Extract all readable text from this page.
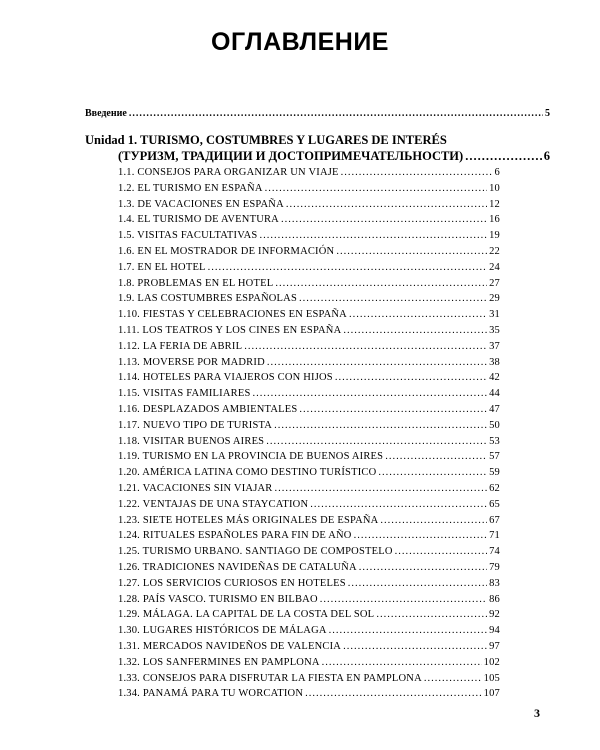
ОГЛАВЛЕНИЕ
Введение .....	5
Unidad 1. TURISMO, COSTUMBRES Y LUGARES DE INTERÉS
(ТУРИЗМ, ТРАДИЦИИ И ДОСТОПРИМЕЧАТЕЛЬНОСТИ) .....	6
1.1. CONSEJOS PARA ORGANIZAR UN VIAJE .....	6
1.2. EL TURISMO EN ESPAÑA .....	10
1.3. DE VACACIONES EN ESPAÑA .....	12
1.4. EL TURISMO DE AVENTURA .....	16
1.5. VISITAS FACULTATIVAS .....	19
1.6. EN EL MOSTRADOR DE INFORMACIÓN .....	22
1.7. EN EL HOTEL .....	24
1.8. PROBLEMAS EN EL HOTEL .....	27
1.9. LAS COSTUMBRES ESPAÑOLAS .....	29
1.10. FIESTAS Y CELEBRACIONES EN ESPAÑA .....	31
1.11. LOS TEATROS Y LOS CINES EN ESPAÑA .....	35
1.12. LA FERIA DE ABRIL .....	37
1.13. MOVERSE POR MADRID .....	38
1.14. HOTELES PARA VIAJEROS CON HIJOS .....	42
1.15. VISITAS FAMILIARES .....	44
1.16. DESPLAZADOS AMBIENTALES .....	47
1.17. NUEVO TIPO DE TURISTA .....	50
1.18. VISITAR BUENOS AIRES .....	53
1.19. TURISMO EN LA PROVINCIA DE BUENOS AIRES .....	57
1.20. AMÉRICA LATINA COMO DESTINO TURÍSTICO .....	59
1.21. VACACIONES SIN VIAJAR .....	62
1.22. VENTAJAS DE UNA STAYCATION .....	65
1.23. SIETE HOTELES MÁS ORIGINALES DE ESPAÑA .....	67
1.24. RITUALES ESPAÑOLES PARA FIN DE AÑO .....	71
1.25. TURISMO URBANO. SANTIAGO DE COMPOSTELO .....	74
1.26. TRADICIONES NAVIDEÑAS DE CATALUÑA .....	79
1.27. LOS SERVICIOS CURIOSOS EN HOTELES .....	83
1.28. PAÍS VASCO. TURISMO EN BILBAO .....	86
1.29. MÁLAGA. LA CAPITAL DE LA COSTA DEL SOL .....	92
1.30. LUGARES HISTÓRICOS DE MÁLAGA .....	94
1.31. MERCADOS NAVIDEÑOS DE VALENCIA .....	97
1.32. LOS SANFERMINES EN PAMPLONA .....	102
1.33. CONSEJOS PARA DISFRUTAR LA FIESTA EN PAMPLONA .....	105
1.34. PANAMÁ PARA TU WORCATION .....	107
3
